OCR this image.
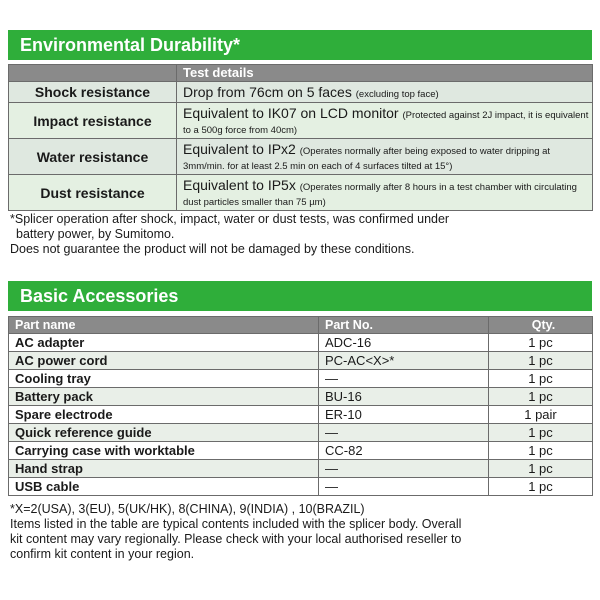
Environmental Durability*
	Test details
Shock resistance	Drop from 76cm on 5 faces (excluding top face)
Impact resistance	Equivalent to IK07 on LCD monitor (Protected against 2J impact, it is equivalent to a 500g force from 40cm)
Water resistance	Equivalent to IPx2 (Operates normally after being exposed to water dripping at 3mm/min. for at least 2.5 min on each of 4 surfaces tilted at 15°)
Dust resistance	Equivalent to IP5x (Operates normally after 8 hours in a test chamber with circulating dust particles smaller than 75 µm)
*Splicer operation after shock, impact, water or dust tests, was confirmed under
battery power, by Sumitomo.
Does not guarantee the product will not be damaged by these conditions.
Basic Accessories
Part name	Part No.	Qty.
AC adapter	ADC-16	1 pc
AC power cord	PC-AC<X>*	1 pc
Cooling tray	—	1 pc
Battery pack	BU-16	1 pc
Spare electrode	ER-10	1 pair
Quick reference guide	—	1 pc
Carrying case with worktable	CC-82	1 pc
Hand strap	—	1 pc
USB cable	—	1 pc
*X=2(USA), 3(EU), 5(UK/HK), 8(CHINA), 9(INDIA) , 10(BRAZIL)
Items listed in the table are typical contents included with the splicer body. Overall
kit content may vary regionally. Please check with your local authorised reseller to
confirm kit content in your region.
